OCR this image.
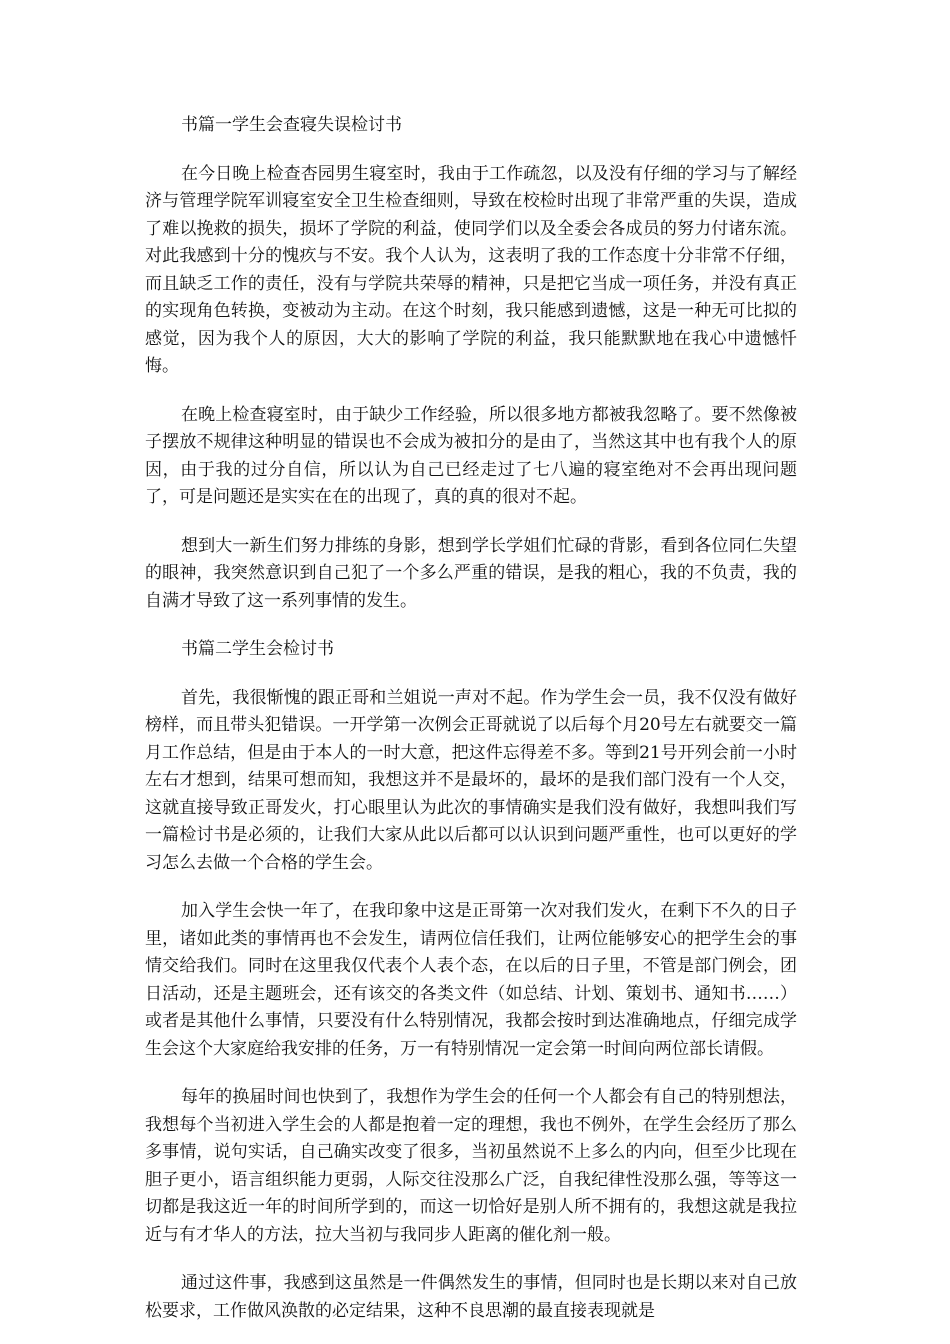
书篇一学生会查寝失误检讨书

在今日晚上检查杏园男生寝室时，我由于工作疏忽，以及没有仔细的学习与了解经济与管理学院军训寝室安全卫生检查细则，导致在校检时出现了非常严重的失误，造成了难以挽救的损失，损坏了学院的利益，使同学们以及全委会各成员的努力付诸东流。对此我感到十分的愧疚与不安。我个人认为，这表明了我的工作态度十分非常不仔细，而且缺乏工作的责任，没有与学院共荣辱的精神，只是把它当成一项任务，并没有真正的实现角色转换，变被动为主动。在这个时刻，我只能感到遗憾，这是一种无可比拟的感觉，因为我个人的原因，大大的影响了学院的利益，我只能默默地在我心中遗憾忏悔。

在晚上检查寝室时，由于缺少工作经验，所以很多地方都被我忽略了。要不然像被子摆放不规律这种明显的错误也不会成为被扣分的是由了，当然这其中也有我个人的原因，由于我的过分自信，所以认为自己已经走过了七八遍的寝室绝对不会再出现问题了，可是问题还是实实在在的出现了，真的真的很对不起。

想到大一新生们努力排练的身影，想到学长学姐们忙碌的背影，看到各位同仁失望的眼神，我突然意识到自己犯了一个多么严重的错误，是我的粗心，我的不负责，我的自满才导致了这一系列事情的发生。

书篇二学生会检讨书

首先，我很惭愧的跟正哥和兰姐说一声对不起。作为学生会一员，我不仅没有做好榜样，而且带头犯错误。一开学第一次例会正哥就说了以后每个月20号左右就要交一篇月工作总结，但是由于本人的一时大意，把这件忘得差不多。等到21号开列会前一小时左右才想到，结果可想而知，我想这并不是最坏的，最坏的是我们部门没有一个人交，这就直接导致正哥发火，打心眼里认为此次的事情确实是我们没有做好，我想叫我们写一篇检讨书是必须的，让我们大家从此以后都可以认识到问题严重性，也可以更好的学习怎么去做一个合格的学生会。

加入学生会快一年了，在我印象中这是正哥第一次对我们发火，在剩下不久的日子里，诸如此类的事情再也不会发生，请两位信任我们，让两位能够安心的把学生会的事情交给我们。同时在这里我仅代表个人表个态，在以后的日子里，不管是部门例会，团日活动，还是主题班会，还有该交的各类文件（如总结、计划、策划书、通知书……）或者是其他什么事情，只要没有什么特别情况，我都会按时到达准确地点，仔细完成学生会这个大家庭给我安排的任务，万一有特别情况一定会第一时间向两位部长请假。

每年的换届时间也快到了，我想作为学生会的任何一个人都会有自己的特别想法，我想每个当初进入学生会的人都是抱着一定的理想，我也不例外，在学生会经历了那么多事情，说句实话，自己确实改变了很多，当初虽然说不上多么的内向，但至少比现在胆子更小，语言组织能力更弱，人际交往没那么广泛，自我纪律性没那么强，等等这一切都是我这近一年的时间所学到的，而这一切恰好是别人所不拥有的，我想这就是我拉近与有才华人的方法，拉大当初与我同步人距离的催化剂一般。

通过这件事，我感到这虽然是一件偶然发生的事情，但同时也是长期以来对自己放松要求，工作做风涣散的必定结果，这种不良思潮的最直接表现就是
